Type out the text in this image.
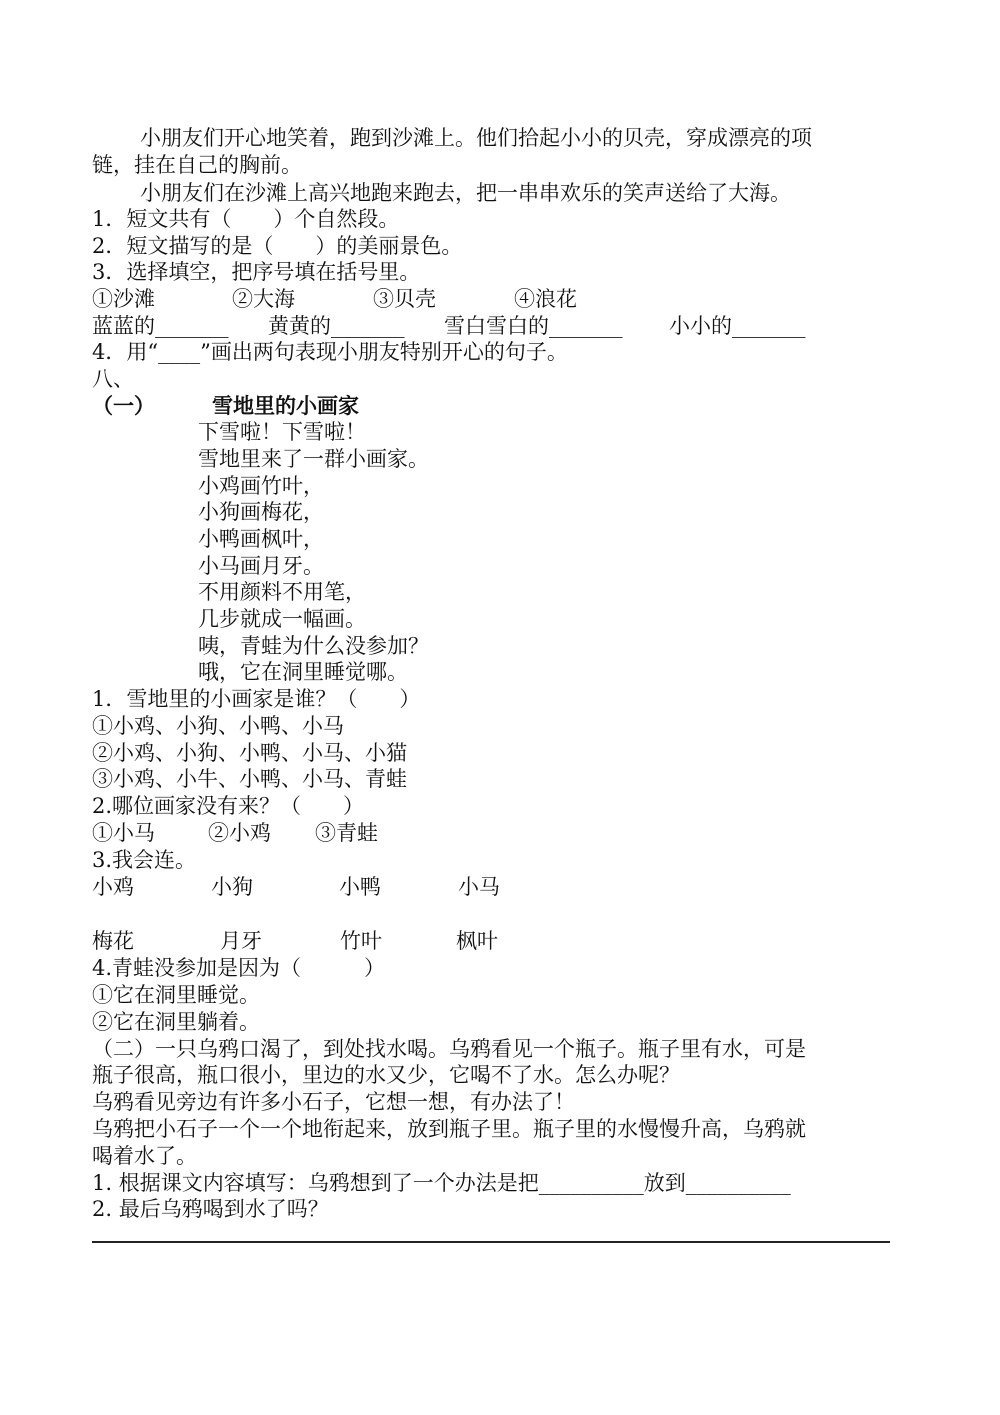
小朋友们开心地笑着，跑到沙滩上。他们拾起小小的贝壳，穿成漂亮的项
链，挂在自己的胸前。
小朋友们在沙滩上高兴地跑来跑去，把一串串欢乐的笑声送给了大海。
1．短文共有（　　）个自然段。
2．短文描写的是（　　）的美丽景色。
3．选择填空，把序号填在括号里。
①沙滩	②大海	③贝壳	④浪花
蓝蓝的_______ 黄黄的_______ 雪白雪白的_______ 小小的_______
4．用“____”画出两句表现小朋友特别开心的句子。
八、
（一）	雪地里的小画家
下雪啦！下雪啦！
雪地里来了一群小画家。
小鸡画竹叶，
小狗画梅花，
小鸭画枫叶，
小马画月牙。
不用颜料不用笔，
几步就成一幅画。
咦，青蛙为什么没参加？
哦，它在洞里睡觉哪。
1．雪地里的小画家是谁？（　　）
①小鸡、小狗、小鸭、小马
②小鸡、小狗、小鸭、小马、小猫
③小鸡、小牛、小鸭、小马、青蛙
2.哪位画家没有来？（　　）
①小马	②小鸡 ③青蛙
3.我会连。
小鸡	小狗	小鸭	小马
梅花	月牙	竹叶	枫叶
4.青蛙没参加是因为（　　　）
①它在洞里睡觉。
②它在洞里躺着。
（二）一只乌鸦口渴了，到处找水喝。乌鸦看见一个瓶子。瓶子里有水，可是
瓶子很高，瓶口很小，里边的水又少，它喝不了水。怎么办呢？
乌鸦看见旁边有许多小石子，它想一想，有办法了！
乌鸦把小石子一个一个地衔起来，放到瓶子里。瓶子里的水慢慢升高，乌鸦就
喝着水了。
1. 根据课文内容填写：乌鸦想到了一个办法是把__________放到__________
2. 最后乌鸦喝到水了吗？
